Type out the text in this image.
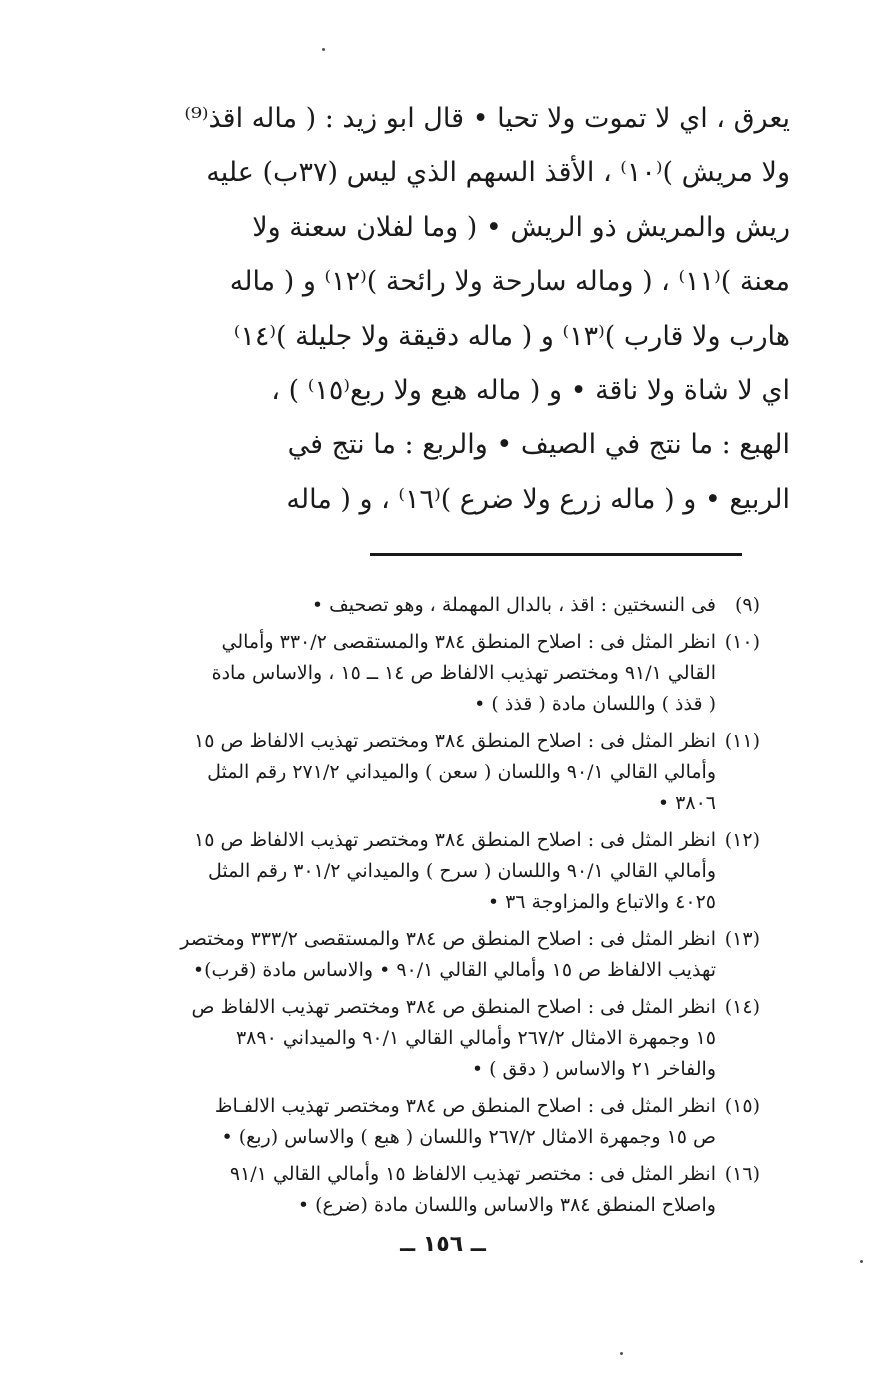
يعرق ، اي لا تموت ولا تحيا • قال ابو زيد : ( ماله اقذ⁽⁹⁾
ولا مريش )⁽١٠⁾ ، الأقذ السهم الذي ليس (٣٧ب) عليه
ريش والمريش ذو الريش • ( وما لفلان سعنة ولا
معنة )⁽١١⁾ ، ( وماله سارحة ولا رائحة )⁽١٢⁾ و ( ماله
هارب ولا قارب )⁽١٣⁾ و ( ماله دقيقة ولا جليلة )⁽١٤⁾
اي لا شاة ولا ناقة • و ( ماله هبع ولا ربع⁽١٥⁾ ) ،
الهبع : ما نتج في الصيف • والربع : ما نتج في
الربيع • و ( ماله زرع ولا ضرع )⁽١٦⁾ ، و ( ماله
(٩)
فى النسختين : اقذ ، بالدال المهملة ، وهو تصحيف •
(١٠)
انظر المثل فى : اصلاح المنطق ٣٨٤ والمستقصى ٣٣٠/٢ وأمالي
القالي ٩١/١ ومختصر تهذيب الالفاظ ص ١٤ ــ ١٥ ، والاساس مادة
( قذذ ) واللسان مادة ( قذذ ) •
(١١)
انظر المثل فى : اصلاح المنطق ٣٨٤ ومختصر تهذيب الالفاظ ص ١٥
وأمالي القالي ٩٠/١ واللسان ( سعن ) والميداني ٢٧١/٢ رقم المثل
٣٨٠٦ •
(١٢)
انظر المثل فى : اصلاح المنطق ٣٨٤ ومختصر تهذيب الالفاظ ص ١٥
وأمالي القالي ٩٠/١ واللسان ( سرح ) والميداني ٣٠١/٢ رقم المثل
٤٠٢٥ والاتباع والمزاوجة ٣٦ •
(١٣)
انظر المثل فى : اصلاح المنطق ص ٣٨٤ والمستقصى ٣٣٣/٢ ومختصر
تهذيب الالفاظ ص ١٥ وأمالي القالي ٩٠/١ • والاساس مادة (قرب)•
(١٤)
انظر المثل فى : اصلاح المنطق ص ٣٨٤ ومختصر تهذيب الالفاظ ص
١٥ وجمهرة الامثال ٢٦٧/٢ وأمالي القالي ٩٠/١ والميداني ٣٨٩٠
والفاخر ٢١ والاساس ( دقق ) •
(١٥)
انظر المثل فى : اصلاح المنطق ص ٣٨٤ ومختصر تهذيب الالفـاظ
ص ١٥ وجمهرة الامثال ٢٦٧/٢ واللسان ( هبع ) والاساس (ربع) •
(١٦)
انظر المثل فى : مختصر تهذيب الالفاظ ١٥ وأمالي القالي ٩١/١
واصلاح المنطق ٣٨٤ والاساس واللسان مادة (ضرع) •
ــ ١٥٦ ــ
